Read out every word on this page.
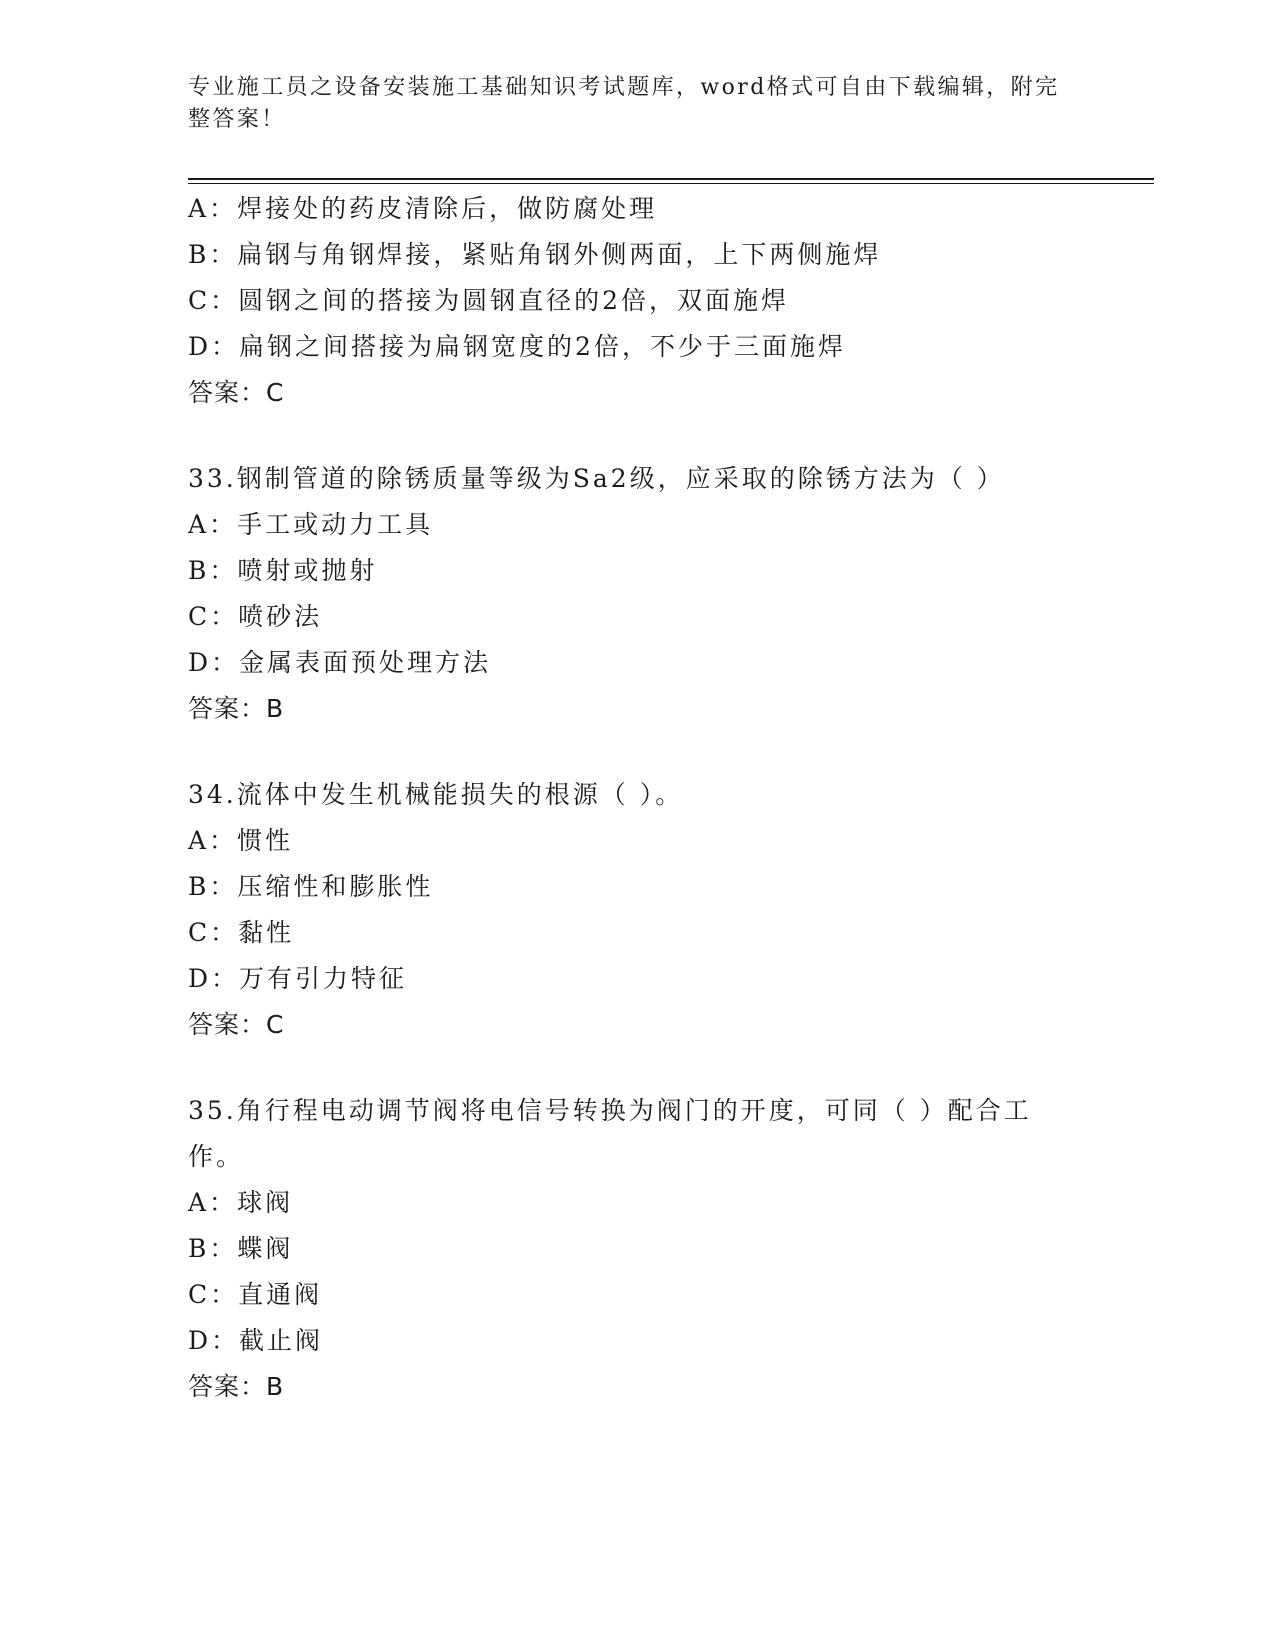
专业施工员之设备安装施工基础知识考试题库，word格式可自由下载编辑，附完整答案！
A：焊接处的药皮清除后，做防腐处理
B：扁钢与角钢焊接，紧贴角钢外侧两面，上下两侧施焊
C：圆钢之间的搭接为圆钢直径的2倍，双面施焊
D：扁钢之间搭接为扁钢宽度的2倍，不少于三面施焊
答案：C
33.钢制管道的除锈质量等级为Sa2级，应采取的除锈方法为（ ）
A：手工或动力工具
B：喷射或抛射
C：喷砂法
D：金属表面预处理方法
答案：B
34.流体中发生机械能损失的根源（ ）。
A：惯性
B：压缩性和膨胀性
C：黏性
D：万有引力特征
答案：C
35.角行程电动调节阀将电信号转换为阀门的开度，可同（ ）配合工作。
A：球阀
B：蝶阀
C：直通阀
D：截止阀
答案：B
